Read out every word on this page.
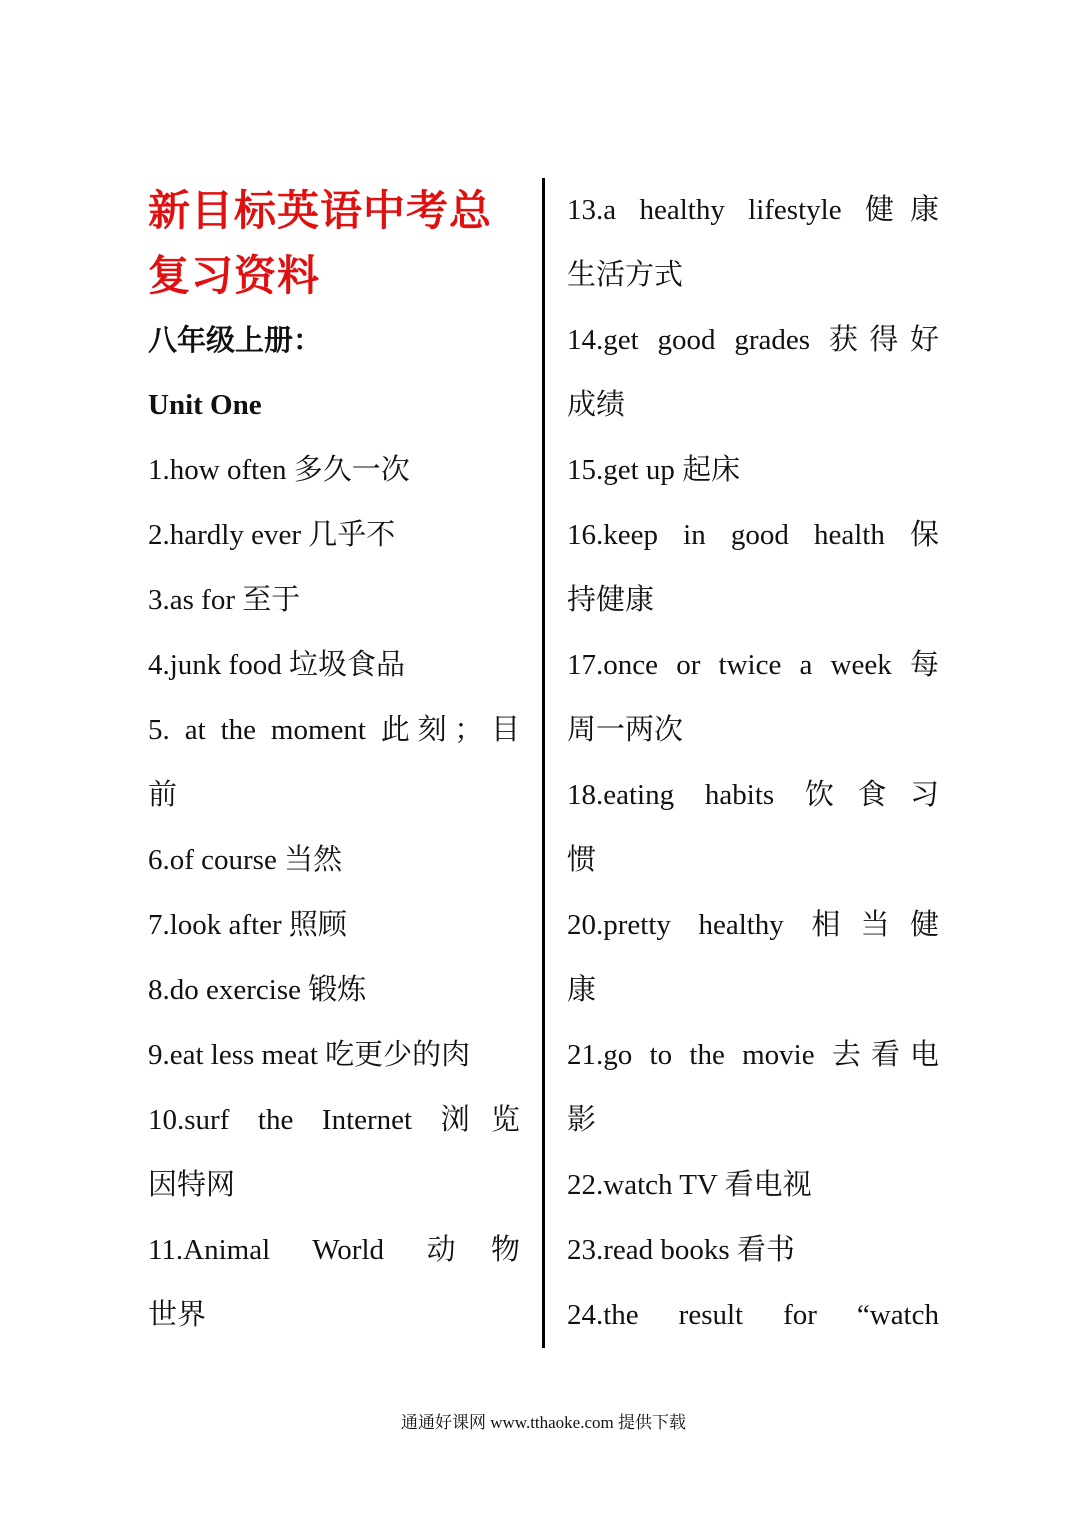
新目标英语中考总

复习资料

八年级上册：

Unit One

1.how often 多久一次

2.hardly ever 几乎不

3.as for 至于

4.junk food 垃圾食品

5. at the moment 此刻；目

前

6.of course 当然

7.look after 照顾

8.do exercise 锻炼

9.eat less meat 吃更少的肉

10.surf the Internet 浏览

因特网

11.Animal World 动物

世界

13.a healthy lifestyle 健康

生活方式

14.get good grades 获得好

成绩

15.get up 起床

16.keep in good health 保

持健康

17.once or twice a week 每

周一两次

18.eating habits 饮食习

惯

20.pretty healthy 相当健

康

21.go to the movie 去看电

影

22.watch TV 看电视

23.read books 看书

24.the result for “watch

通通好课网 www.tthaoke.com 提供下载
